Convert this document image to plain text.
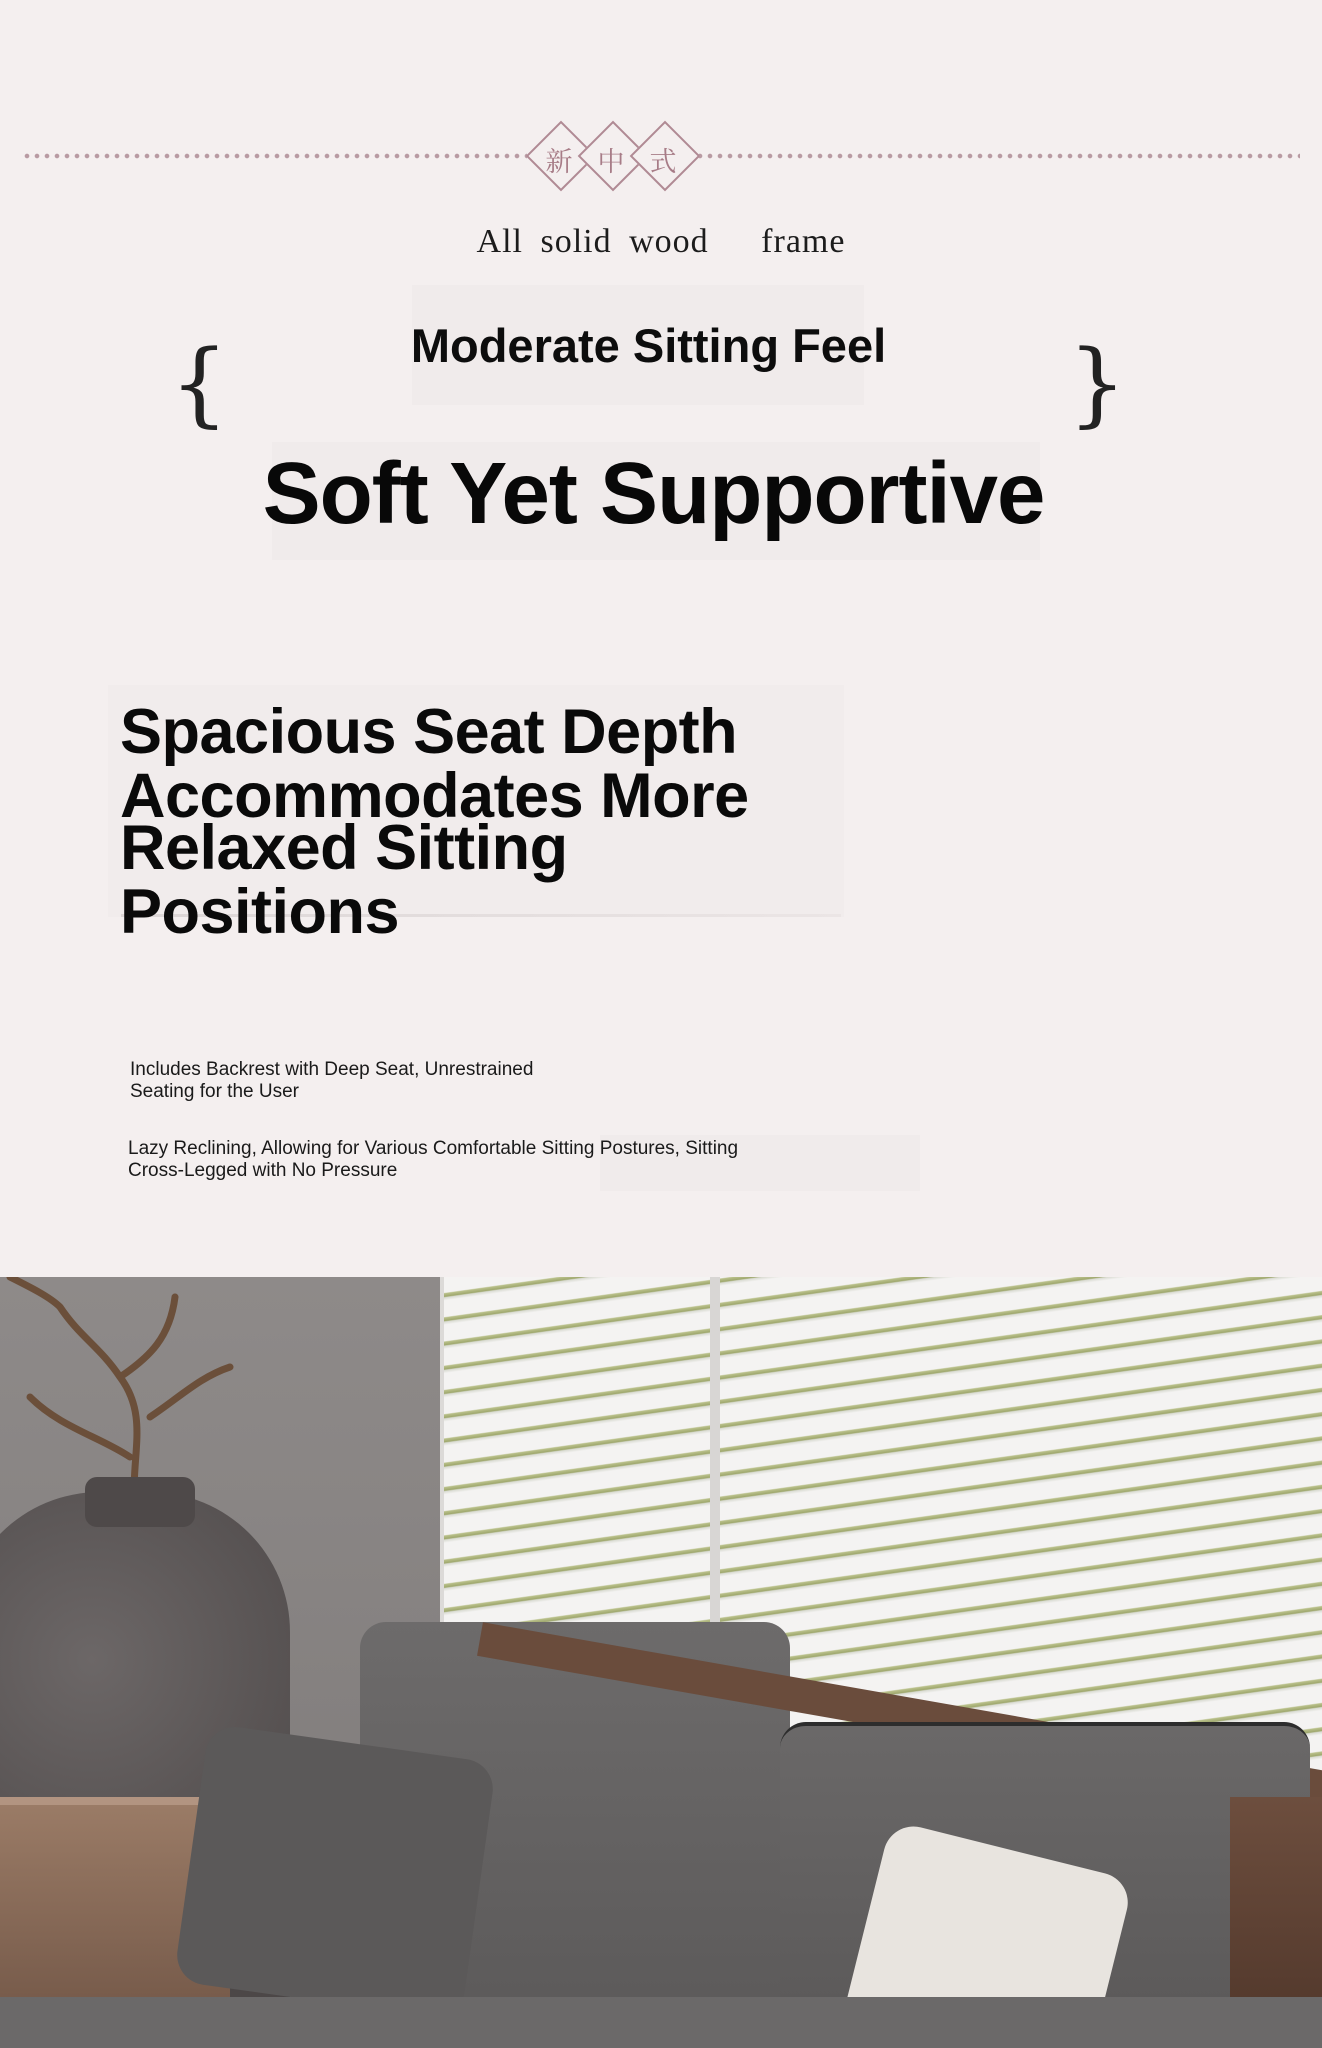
新 中 式
All solid wood   frame
Moderate Sitting Feel
{	}
Soft Yet Supportive
Spacious Seat Depth
Accommodates More
Relaxed Sitting Positions
Includes Backrest with Deep Seat, Unrestrained
Seating for the User
Lazy Reclining, Allowing for Various Comfortable Sitting Postures, Sitting
Cross-Legged with No Pressure
